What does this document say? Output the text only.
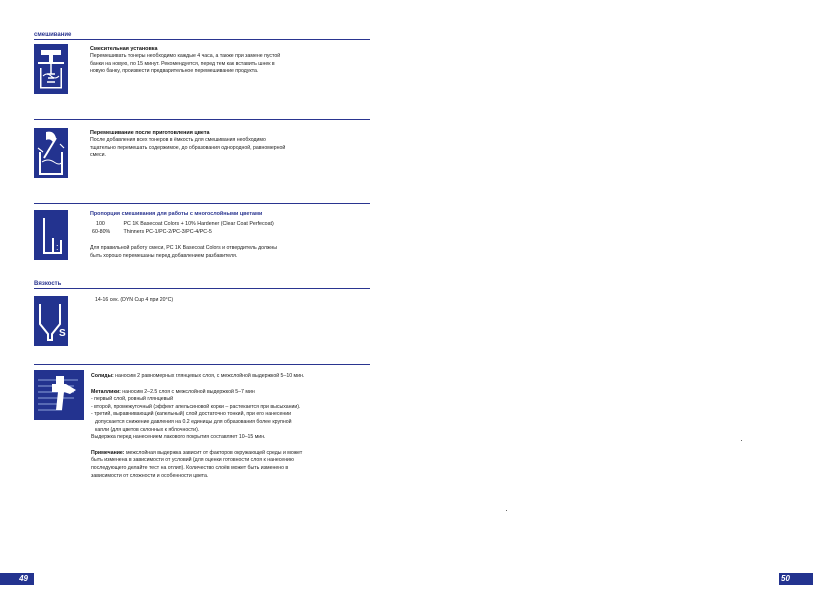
смешивание
Смесительная установка
Перемешивать тонеры необходимо каждые 4 часа, а также при замене пустой
банки на новую, по 15 минут. Рекомендуется, перед тем как вставить шнек в
новую банку, произвести предварительное перемешивание продукта.
Перемешивание после приготовления цвета
После добавления всех тонеров в ёмкость для смешивания необходимо
тщательно перемешать содержимое, до образования однородной, равномерной
смеси.
:
Пропорция смешивания для работы с многослойными цветами
100	PC 1K Basecoat Colors + 10% Hardener (Clear Coat Perfecoat)
60-80% Thinners PC-1/PC-2/PC-3/PC-4/PC-5
Для правильной работу смеси, PC 1K Basecoat Colors и отвердитель должны
быть хорошо перемешаны перед добавлением разбавителя.
Вязкость
S
14-16 сек. (DYN Cup 4 при 20°C)
Солиды: наносим 2 равномерных глянцевых слоя, с межслойной выдержкой 5–10 мин.
Металлики: наносим 2–2.5 слоя с межслойной выдержкой 5–7 мин
- первый слой, ровный глянцевый
- второй, промежуточный (эффект апельсиновой корки – растекается при высыхании).
- третий, выравнивающий (капельный) слой достаточно тонкий, при его нанесении
допускается снижение давления на 0.2 единицы для образования более крупной
капли (для цветов склонных к яблочности).
Выдержка перед нанесением лакового покрытия составляет 10–15 мин.
Примечание: межслойная выдержка зависит от факторов окружающей среды и может
быть изменена в зависимости от условий (для оценки готовности слоя к нанесению
последующего делайте тест на отлип). Количество слоёв может быть изменено в
зависимости от сложности и особенности цвета.
49	50
